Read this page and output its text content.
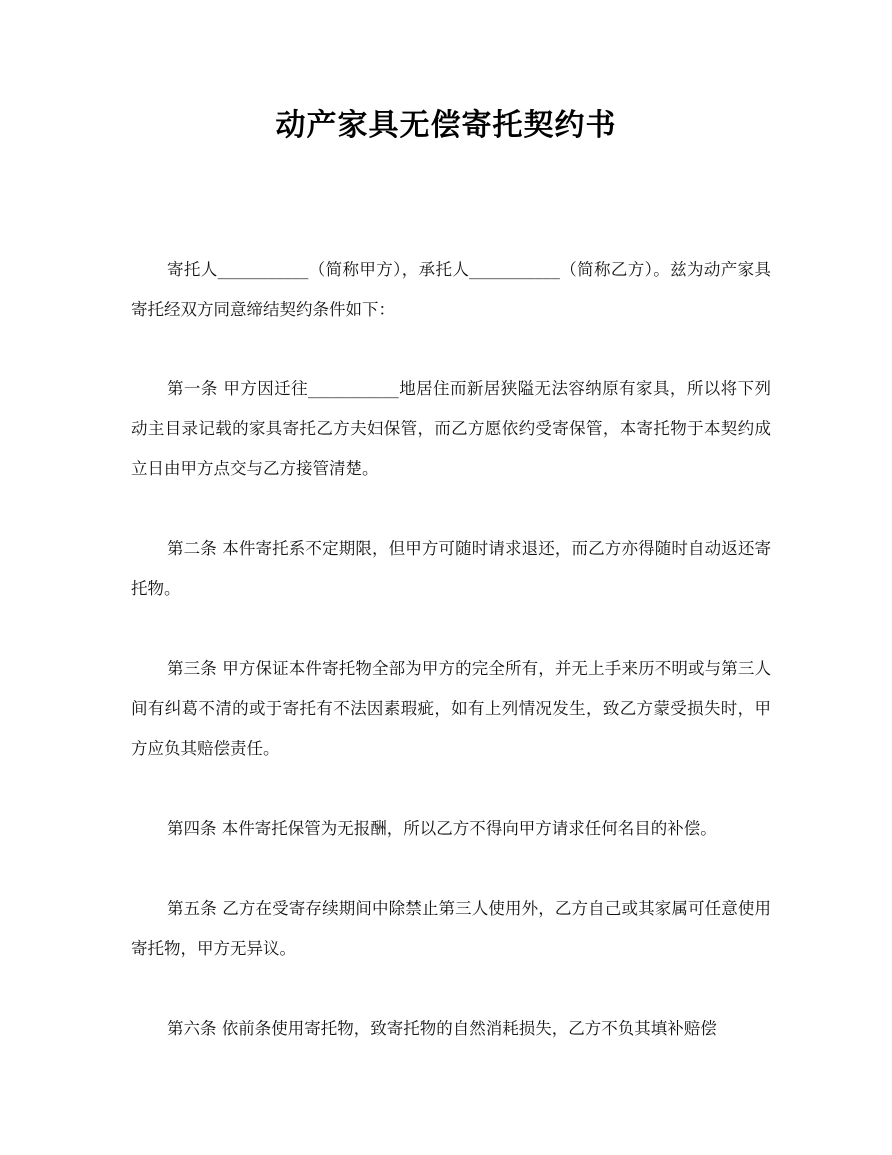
动产家具无偿寄托契约书
寄托人___________（简称甲方），承托人___________（简称乙方）。兹为动产家具寄托经双方同意缔结契约条件如下：
第一条 甲方因迁往___________地居住而新居狭隘无法容纳原有家具，所以将下列动主目录记载的家具寄托乙方夫妇保管，而乙方愿依约受寄保管，本寄托物于本契约成立日由甲方点交与乙方接管清楚。
第二条 本件寄托系不定期限，但甲方可随时请求退还，而乙方亦得随时自动返还寄托物。
第三条 甲方保证本件寄托物全部为甲方的完全所有，并无上手来历不明或与第三人间有纠葛不清的或于寄托有不法因素瑕疵，如有上列情况发生，致乙方蒙受损失时，甲方应负其赔偿责任。
第四条 本件寄托保管为无报酬，所以乙方不得向甲方请求任何名目的补偿。
第五条 乙方在受寄存续期间中除禁止第三人使用外，乙方自己或其家属可任意使用寄托物，甲方无异议。
第六条 依前条使用寄托物，致寄托物的自然消耗损失，乙方不负其填补赔偿
